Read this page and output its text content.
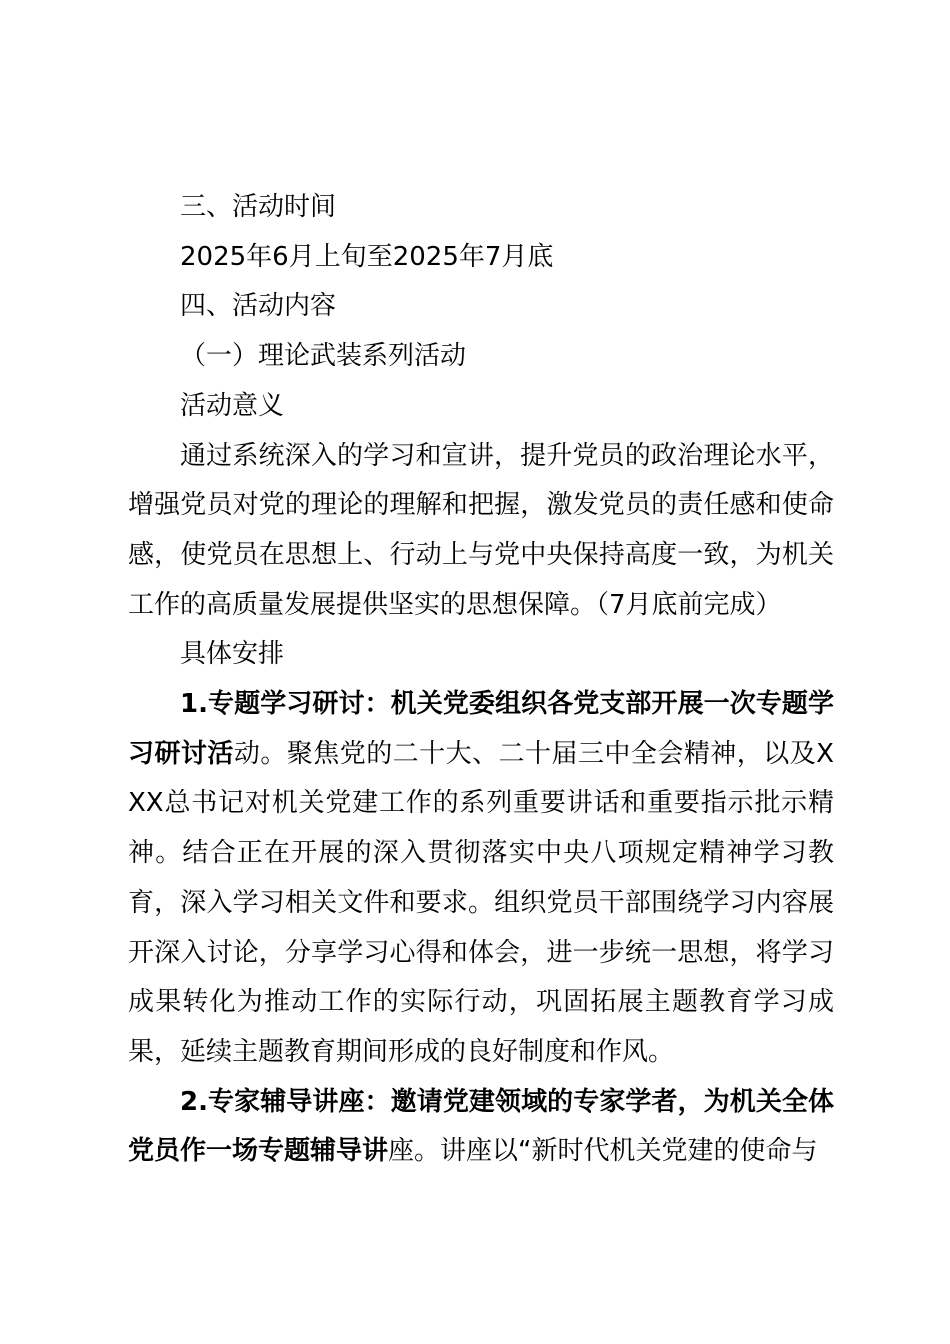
三、活动时间

2025年6月上旬至2025年7月底

四、活动内容

（一）理论武装系列活动

活动意义

通过系统深入的学习和宣讲，提升党员的政治理论水平，增强党员对党的理论的理解和把握，激发党员的责任感和使命感，使党员在思想上、行动上与党中央保持高度一致，为机关工作的高质量发展提供坚实的思想保障。（7月底前完成）

具体安排

1.专题学习研讨：机关党委组织各党支部开展一次专题学习研讨活动。聚焦党的二十大、二十届三中全会精神，以及XXX总书记对机关党建工作的系列重要讲话和重要指示批示精神。结合正在开展的深入贯彻落实中央八项规定精神学习教育，深入学习相关文件和要求。组织党员干部围绕学习内容展开深入讨论，分享学习心得和体会，进一步统一思想，将学习成果转化为推动工作的实际行动，巩固拓展主题教育学习成果，延续主题教育期间形成的良好制度和作风。

2.专家辅导讲座：邀请党建领域的专家学者，为机关全体党员作一场专题辅导讲座。讲座以“新时代机关党建的使命与
